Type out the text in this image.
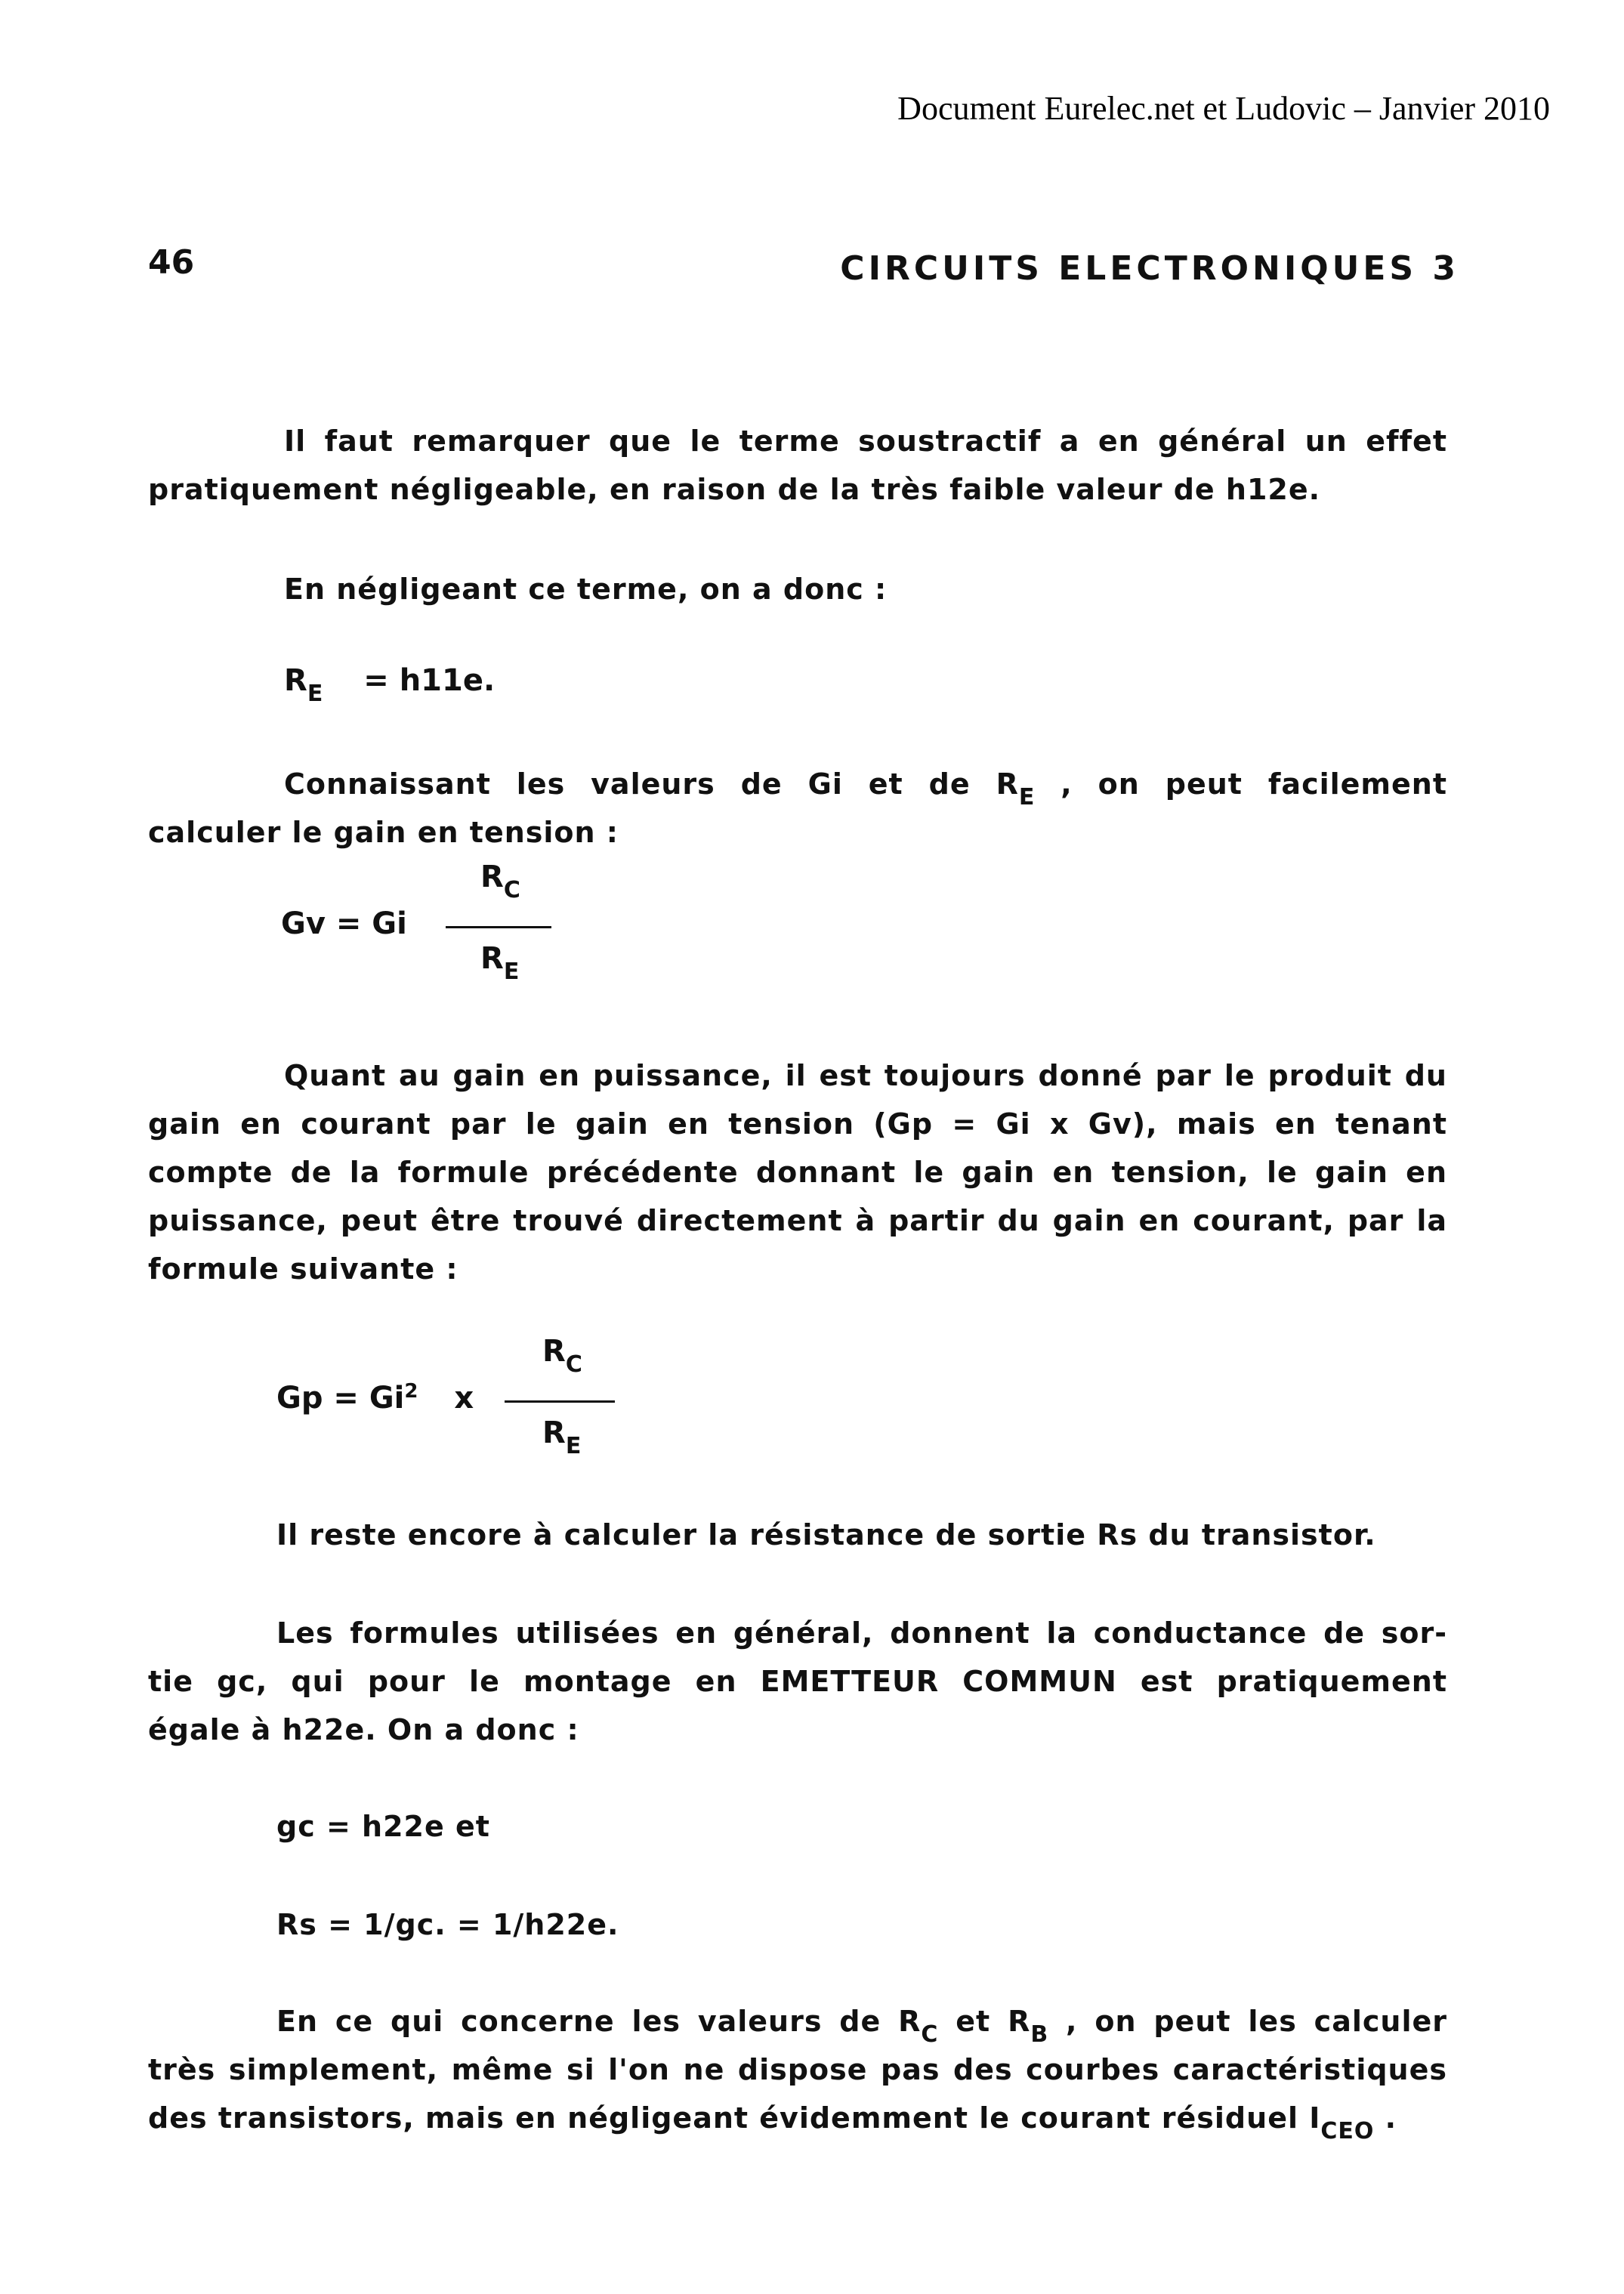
Document Eurelec.net et Ludovic – Janvier 2010
46	CIRCUITS ELECTRONIQUES 3
Il faut remarquer que le terme soustractif a en général un effet
pratiquement négligeable, en raison de la très faible valeur de h12e.
En négligeant ce terme, on a donc :
$R_E = h11e$.
Connaissant les valeurs de Gi et de $R_E$ , on peut facilement
calculer le gain en tension :
Gv = Gi
$R_C$
$R_E$
Quant au gain en puissance, il est toujours donné par le produit du
gain en courant par le gain en tension (Gp = Gi x Gv), mais en tenant
compte de la formule précédente donnant le gain en tension, le gain en
puissance, peut être trouvé directement à partir du gain en courant, par la
formule suivante :
$Gp = Gi^2$ x
$R_C$
$R_E$
Il reste encore à calculer la résistance de sortie Rs du transistor.
Les formules utilisées en général, donnent la conductance de sor-
tie gc, qui pour le montage en EMETTEUR COMMUN est pratiquement
égale à h22e. On a donc :
gc = h22e et
Rs = 1/gc. = 1/h22e.
En ce qui concerne les valeurs de $R_C$ et $R_B$ , on peut les calculer
très simplement, même si l'on ne dispose pas des courbes caractéristiques
des transistors, mais en négligeant évidemment le courant résiduel $I_{CEO}$ .
